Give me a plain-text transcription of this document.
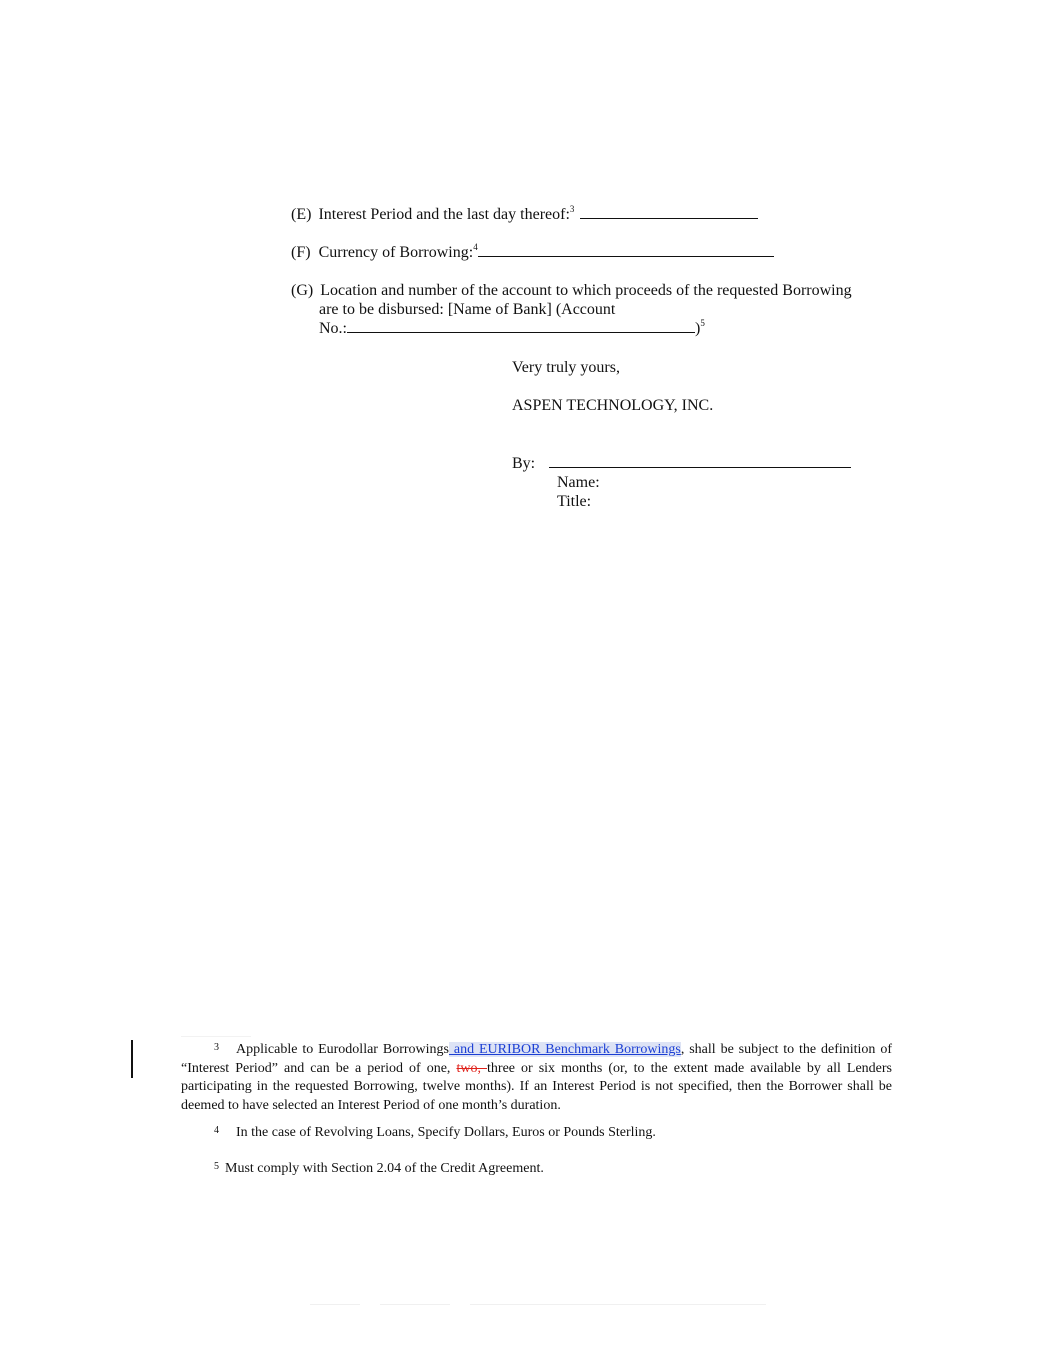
(E) Interest Period and the last day thereof:$^3$
(F) Currency of Borrowing:$^4$
(G) Location and number of the account to which proceeds of the requested Borrowing
are to be disbursed: [Name of Bank] (Account
No.:	)$^5$
Very truly yours,
ASPEN TECHNOLOGY, INC.
By:
Name:
Title:
3 Applicable to Eurodollar Borrowings and EURIBOR Benchmark Borrowings, shall be subject to the definition of “Interest Period” and can be a period of one, two, three or six months (or, to the extent made available by all Lenders participating in the requested Borrowing, twelve months). If an Interest Period is not specified, then the Borrower shall be deemed to have selected an Interest Period of one month’s duration.
4 In the case of Revolving Loans, Specify Dollars, Euros or Pounds Sterling.
5 Must comply with Section 2.04 of the Credit Agreement.
